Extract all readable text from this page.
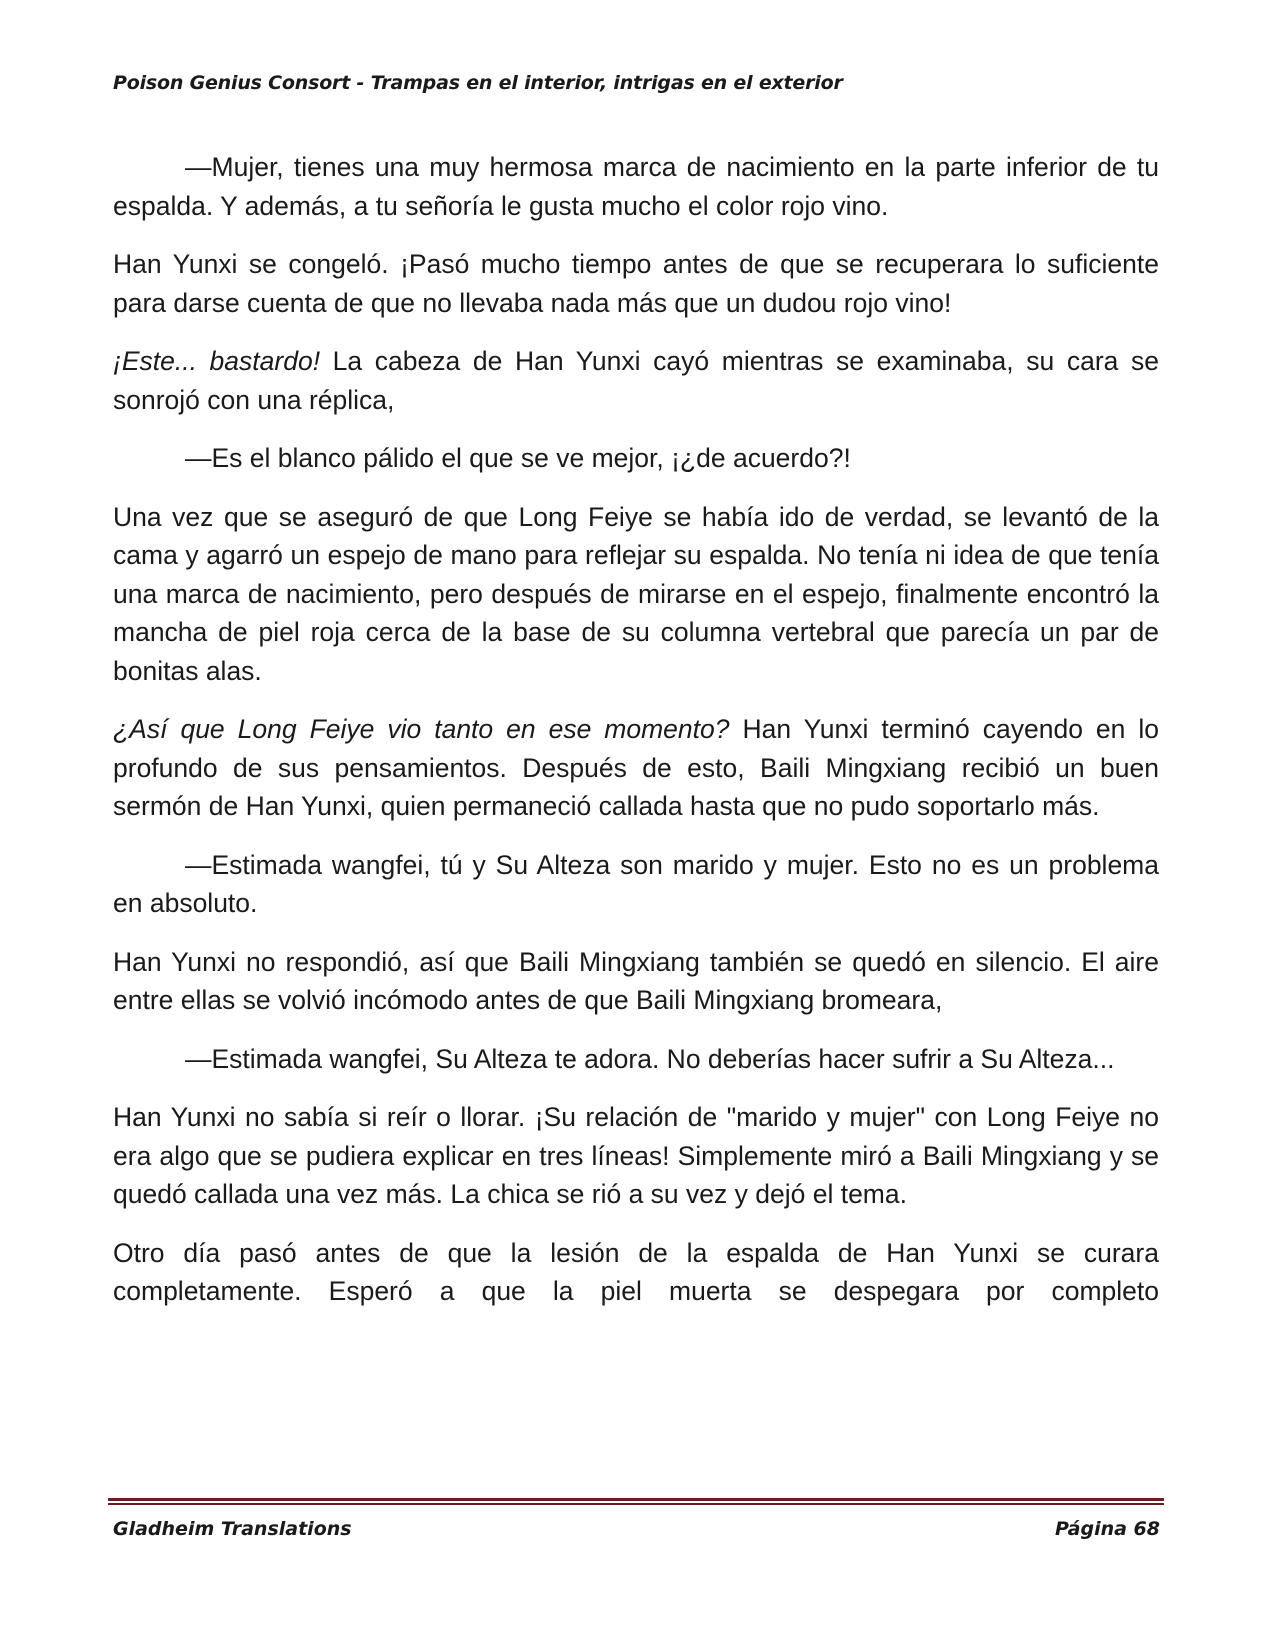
Poison Genius Consort - Trampas en el interior, intrigas en el exterior

—Mujer, tienes una muy hermosa marca de nacimiento en la parte inferior de tu espalda. Y además, a tu señoría le gusta mucho el color rojo vino.

Han Yunxi se congeló. ¡Pasó mucho tiempo antes de que se recuperara lo suficiente para darse cuenta de que no llevaba nada más que un dudou rojo vino!

¡Este... bastardo! La cabeza de Han Yunxi cayó mientras se examinaba, su cara se sonrojó con una réplica,

—Es el blanco pálido el que se ve mejor, ¡¿de acuerdo?!

Una vez que se aseguró de que Long Feiye se había ido de verdad, se levantó de la cama y agarró un espejo de mano para reflejar su espalda. No tenía ni idea de que tenía una marca de nacimiento, pero después de mirarse en el espejo, finalmente encontró la mancha de piel roja cerca de la base de su columna vertebral que parecía un par de bonitas alas.

¿Así que Long Feiye vio tanto en ese momento? Han Yunxi terminó cayendo en lo profundo de sus pensamientos. Después de esto, Baili Mingxiang recibió un buen sermón de Han Yunxi, quien permaneció callada hasta que no pudo soportarlo más.

—Estimada wangfei, tú y Su Alteza son marido y mujer. Esto no es un problema en absoluto.

Han Yunxi no respondió, así que Baili Mingxiang también se quedó en silencio. El aire entre ellas se volvió incómodo antes de que Baili Mingxiang bromeara,

—Estimada wangfei, Su Alteza te adora. No deberías hacer sufrir a Su Alteza...

Han Yunxi no sabía si reír o llorar. ¡Su relación de "marido y mujer" con Long Feiye no era algo que se pudiera explicar en tres líneas! Simplemente miró a Baili Mingxiang y se quedó callada una vez más. La chica se rió a su vez y dejó el tema.

Otro día pasó antes de que la lesión de la espalda de Han Yunxi se curara completamente. Esperó a que la piel muerta se despegara por completo

Gladheim Translations	Página 68
